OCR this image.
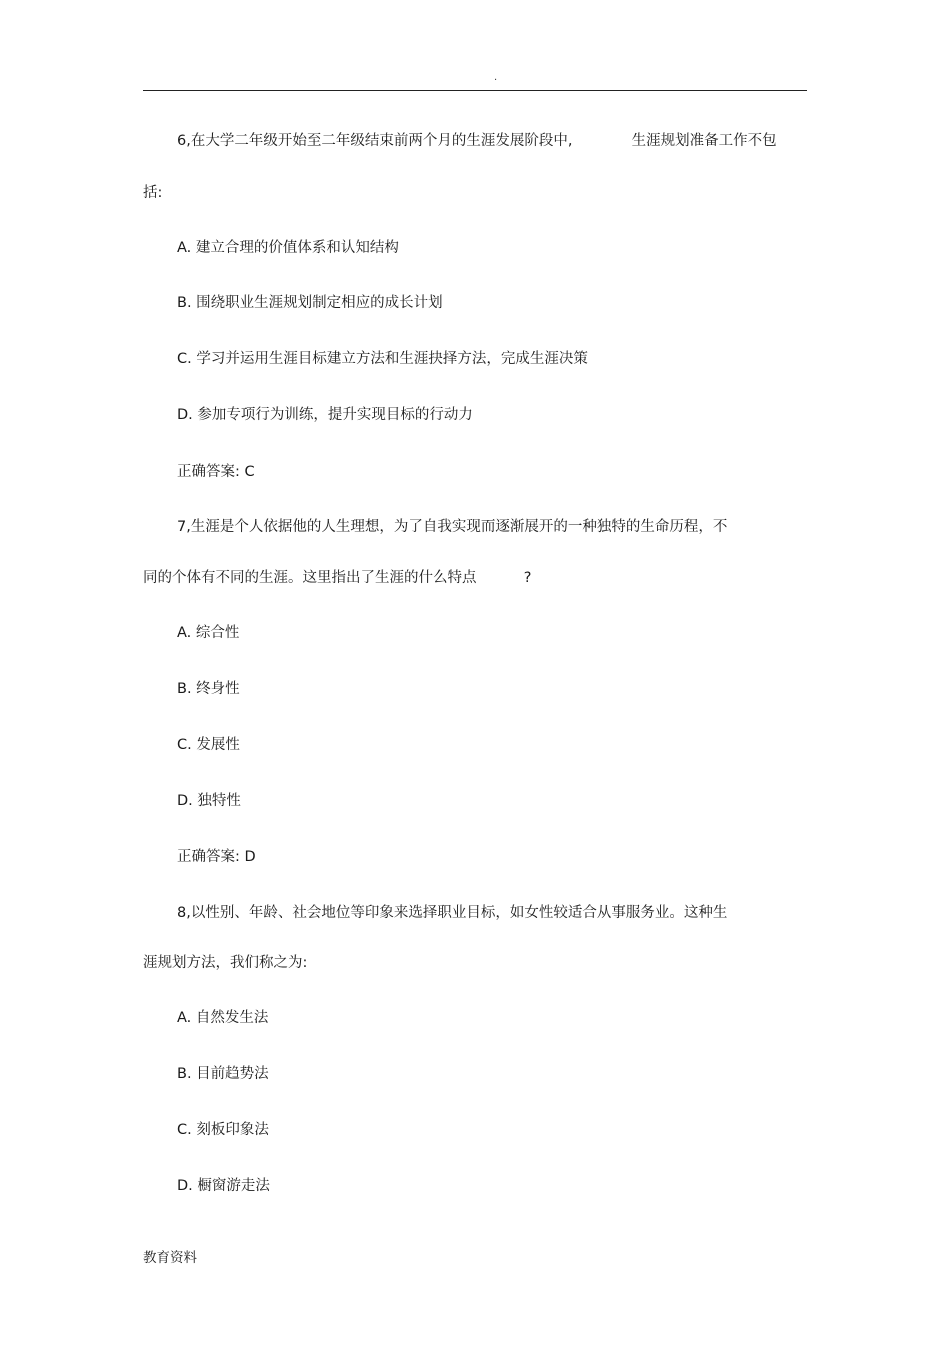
.
6,在大学二年级开始至二年级结束前两个月的生涯发展阶段中,	生涯规划准备工作不包
括:
A. 建立合理的价值体系和认知结构
B. 围绕职业生涯规划制定相应的成长计划
C. 学习并运用生涯目标建立方法和生涯抉择方法，完成生涯决策
D. 参加专项行为训练，提升实现目标的行动力
正确答案: C
7,生涯是个人依据他的人生理想，为了自我实现而逐渐展开的一种独特的生命历程，不
同的个体有不同的生涯。这里指出了生涯的什么特点	?
A. 综合性
B. 终身性
C. 发展性
D. 独特性
正确答案: D
8,以性别、年龄、社会地位等印象来选择职业目标，如女性较适合从事服务业。这种生
涯规划方法，我们称之为:
A. 自然发生法
B. 目前趋势法
C. 刻板印象法
D. 橱窗游走法
教育资料
